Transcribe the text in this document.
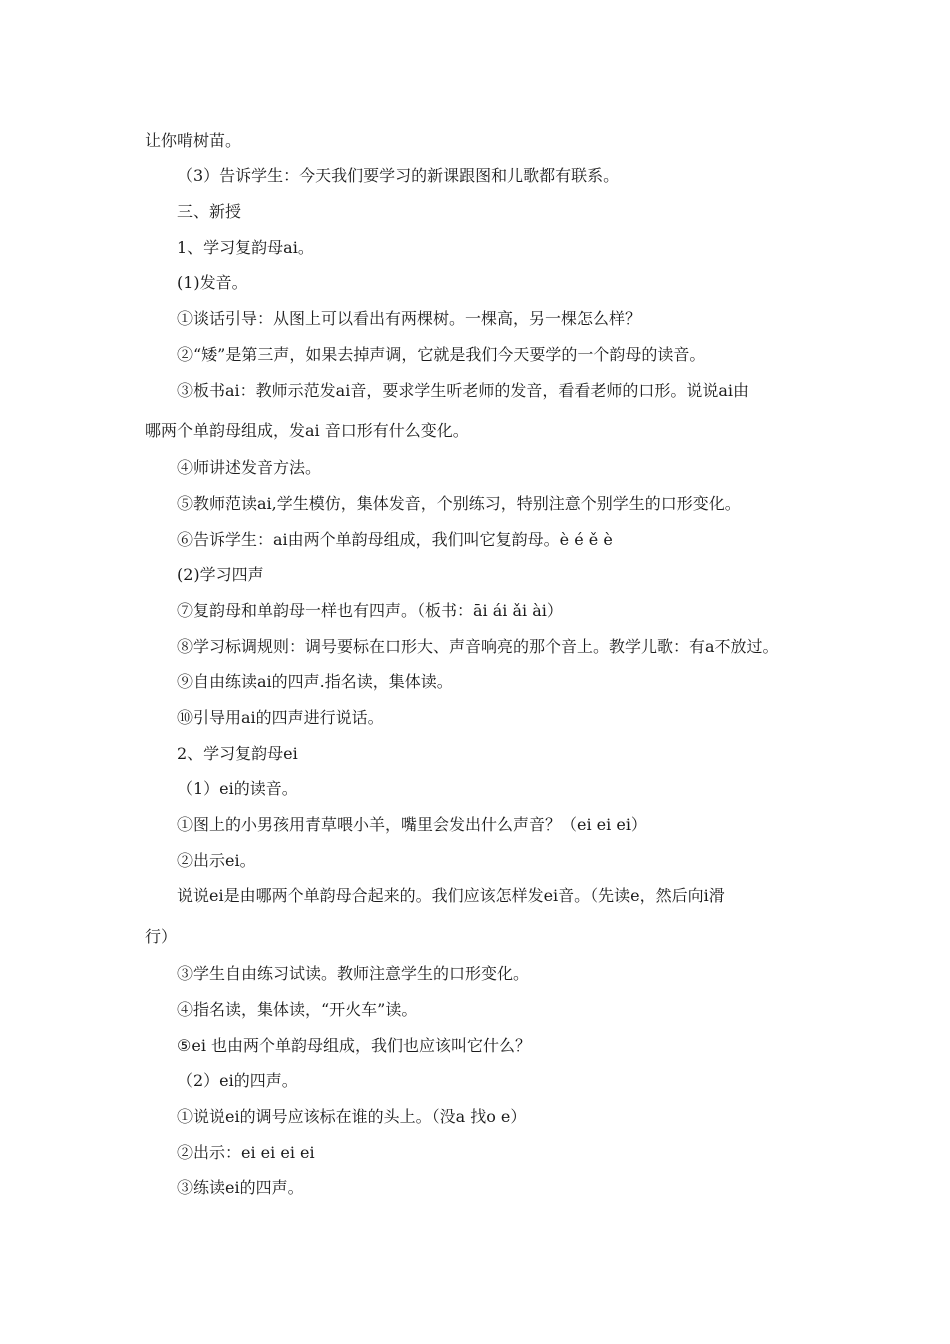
让你啃树苗。
（3）告诉学生：今天我们要学习的新课跟图和儿歌都有联系。
三、新授
1、学习复韵母ai。
(1)发音。
①谈话引导：从图上可以看出有两棵树。一棵高，另一棵怎么样？
②“矮”是第三声，如果去掉声调，它就是我们今天要学的一个韵母的读音。
③板书ai：教师示范发ai音，要求学生听老师的发音，看看老师的口形。说说ai由
哪两个单韵母组成，发ai 音口形有什么变化。
④师讲述发音方法。
⑤教师范读ai,学生模仿，集体发音，个别练习，特别注意个别学生的口形变化。
⑥告诉学生：ai由两个单韵母组成，我们叫它复韵母。è é ě è
(2)学习四声
⑦复韵母和单韵母一样也有四声。（板书：āi ái ǎi ài）
⑧学习标调规则：调号要标在口形大、声音响亮的那个音上。教学儿歌：有a不放过。
⑨自由练读ai的四声.指名读，集体读。
⑩引导用ai的四声进行说话。
2、学习复韵母ei
（1）ei的读音。
①图上的小男孩用青草喂小羊，嘴里会发出什么声音？（ei ei ei）
②出示ei。
说说ei是由哪两个单韵母合起来的。我们应该怎样发ei音。（先读e，然后向i滑
行）
③学生自由练习试读。教师注意学生的口形变化。
④指名读，集体读，“开火车”读。
⑤ei 也由两个单韵母组成，我们也应该叫它什么？
（2）ei的四声。
①说说ei的调号应该标在谁的头上。（没a 找o e）
②出示：ei ei ei ei
③练读ei的四声。
